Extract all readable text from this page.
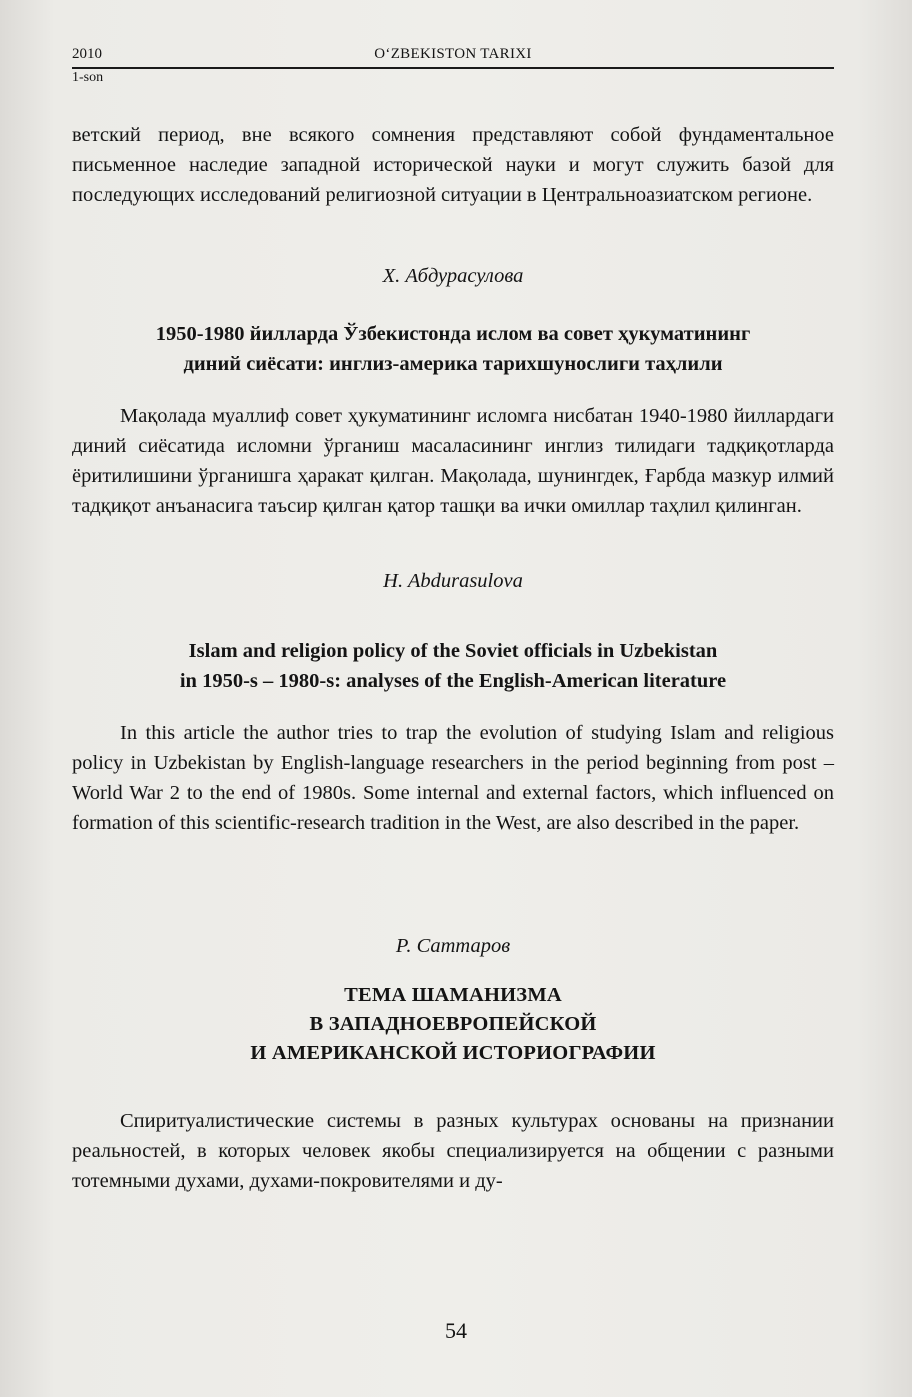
2010	O‘ZBEKISTON TARIXI
1-son

ветский период, вне всякого сомнения представляют собой фундаментальное письменное наследие западной исторической науки и могут служить базой для последующих исследований религиозной ситуации в Центральноазиатском регионе.

Х. Абдурасулова

1950-1980 йилларда Ўзбекистонда ислом ва совет ҳукуматининг

диний сиёсати: инглиз-америка тарихшунослиги таҳлили

Мақолада муаллиф совет ҳукуматининг исломга нисбатан 1940-1980 йиллардаги диний сиёсатида исломни ўрганиш масаласининг инглиз тилидаги тадқиқотларда ёритилишини ўрганишга ҳаракат қилган. Мақолада, шунингдек, Ғарбда мазкур илмий тадқиқот анъанасига таъсир қилган қатор ташқи ва ички омиллар таҳлил қилинган.

H. Abdurasulova

Islam and religion policy of the Soviet officials in Uzbekistan

in 1950-s – 1980-s: analyses of the English-American literature

In this article the author tries to trap the evolution of studying Islam and religious policy in Uzbekistan by English-language researchers in the period beginning from post – World War 2 to the end of 1980s. Some internal and external factors, which influenced on formation of this scientific-research tradition in the West, are also described in the paper.

Р. Саттаров

ТЕМА ШАМАНИЗМА

В ЗАПАДНОЕВРОПЕЙСКОЙ

И АМЕРИКАНСКОЙ ИСТОРИОГРАФИИ

Спиритуалистические системы в разных культурах основаны на признании реальностей, в которых человек якобы специализируется на общении с разными тотемными духами, духами-покровителями и ду-

54
